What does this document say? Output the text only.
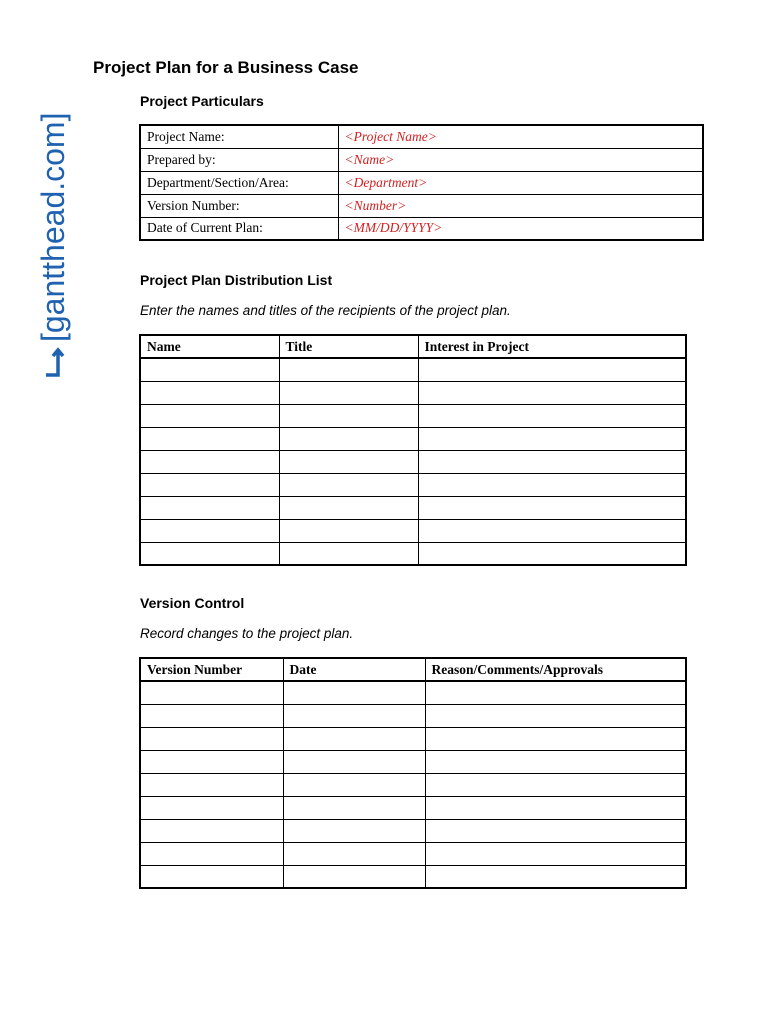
[gantthead.com]
Project Plan for a Business Case
Project Particulars
Project Name:	<Project Name>
Prepared by:	<Name>
Department/Section/Area:	<Department>
Version Number:	<Number>
Date of Current Plan:	<MM/DD/YYYY>
Project Plan Distribution List

Enter the names and titles of the recipients of the project plan.

Name	Title	Interest in Project

Version Control

Record changes to the project plan.

Version Number	Date	Reason/Comments/Approvals
